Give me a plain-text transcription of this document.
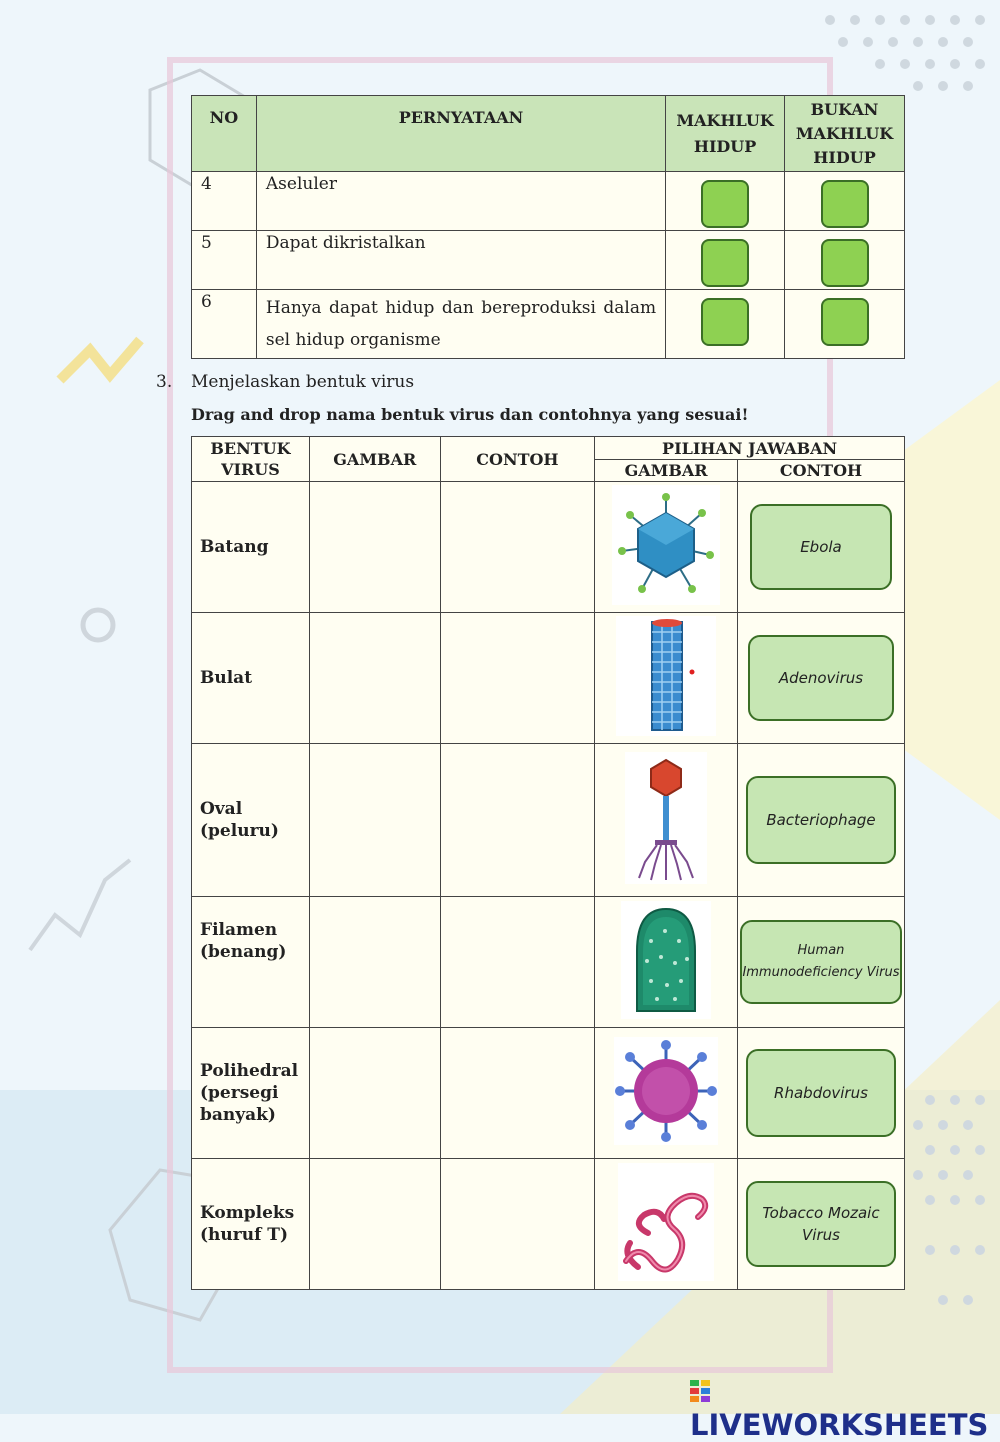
NO	PERNYATAAN	MAKHLUK HIDUP	BUKAN MAKHLUK HIDUP
4	Aseluler	

5	Dapat dikristalkan	

6	Hanya dapat hidup dan bereproduksi dalam sel hidup organisme	

3. Menjelaskan bentuk virus
Drag and drop nama bentuk virus dan contohnya yang sesuai!
BENTUK VIRUS	GAMBAR	CONTOH	PILIHAN JAWABAN	
			GAMBAR	CONTOH
Batang				Ebola

Bulat				Adenovirus

Oval (peluru)				Bacteriophage

Filamen (benang)				Human Immunodeficiency Virus

Polihedral (persegi banyak)				Rhabdovirus

Kompleks (huruf T)				Tobacco Mozaic Virus
LIVEWORKSHEETS
